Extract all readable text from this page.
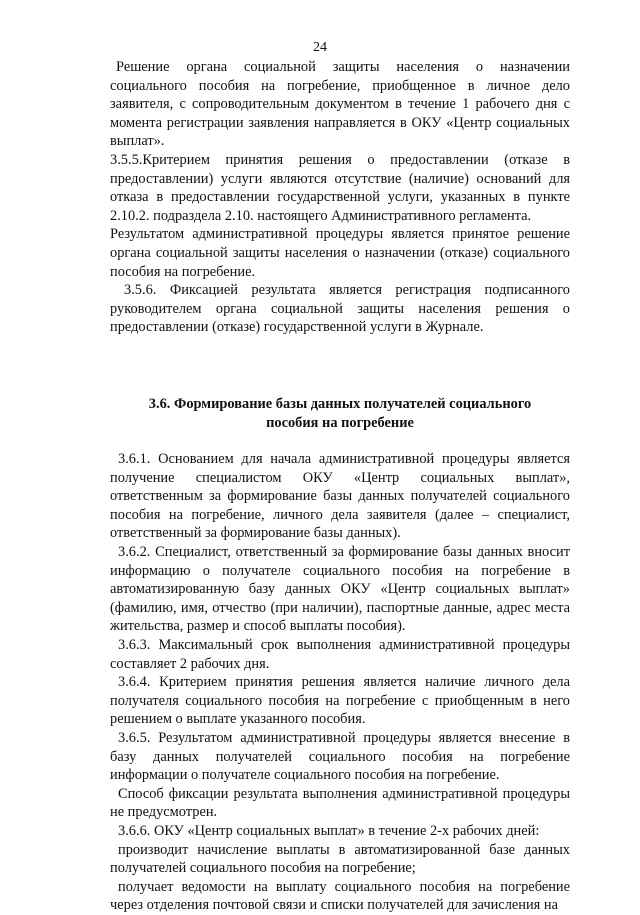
24

Решение органа социальной защиты населения о назначении социального пособия на погребение, приобщенное в личное дело заявителя, с сопроводительным документом в течение 1 рабочего дня с момента регистрации заявления направляется в ОКУ «Центр социальных выплат».

3.5.5.Критерием принятия решения о предоставлении (отказе в предоставлении) услуги являются отсутствие (наличие) оснований для отказа в предоставлении государственной услуги, указанных в пункте 2.10.2. подраздела 2.10. настоящего Административного регламента.

Результатом административной процедуры является принятое решение органа социальной защиты населения о назначении (отказе) социального пособия на погребение.

3.5.6. Фиксацией результата является регистрация подписанного руководителем органа социальной защиты населения решения о предоставлении (отказе) государственной услуги в Журнале.

3.6. Формирование базы данных получателей социального
пособия на погребение

3.6.1. Основанием для начала административной процедуры является получение специалистом ОКУ «Центр социальных выплат», ответственным за формирование базы данных получателей социального пособия на погребение, личного дела заявителя (далее – специалист, ответственный за формирование базы данных).

3.6.2. Специалист, ответственный за формирование базы данных вносит информацию о получателе социального пособия на погребение в автоматизированную базу данных ОКУ «Центр социальных выплат» (фамилию, имя, отчество (при наличии), паспортные данные, адрес места жительства, размер и способ выплаты пособия).

3.6.3. Максимальный срок выполнения административной процедуры составляет 2 рабочих дня.

3.6.4. Критерием принятия решения является наличие личного дела получателя социального пособия на погребение с приобщенным в него решением о выплате указанного пособия.

3.6.5. Результатом административной процедуры является внесение в базу данных получателей социального пособия на погребение информации о получателе социального пособия на погребение.

Способ фиксации результата выполнения административной процедуры не предусмотрен.

3.6.6. ОКУ «Центр социальных выплат» в течение 2-х рабочих дней:

производит начисление выплаты в автоматизированной базе данных получателей социального пособия на погребение;

получает ведомости на выплату социального пособия на погребение через отделения почтовой связи и списки получателей для зачисления на
